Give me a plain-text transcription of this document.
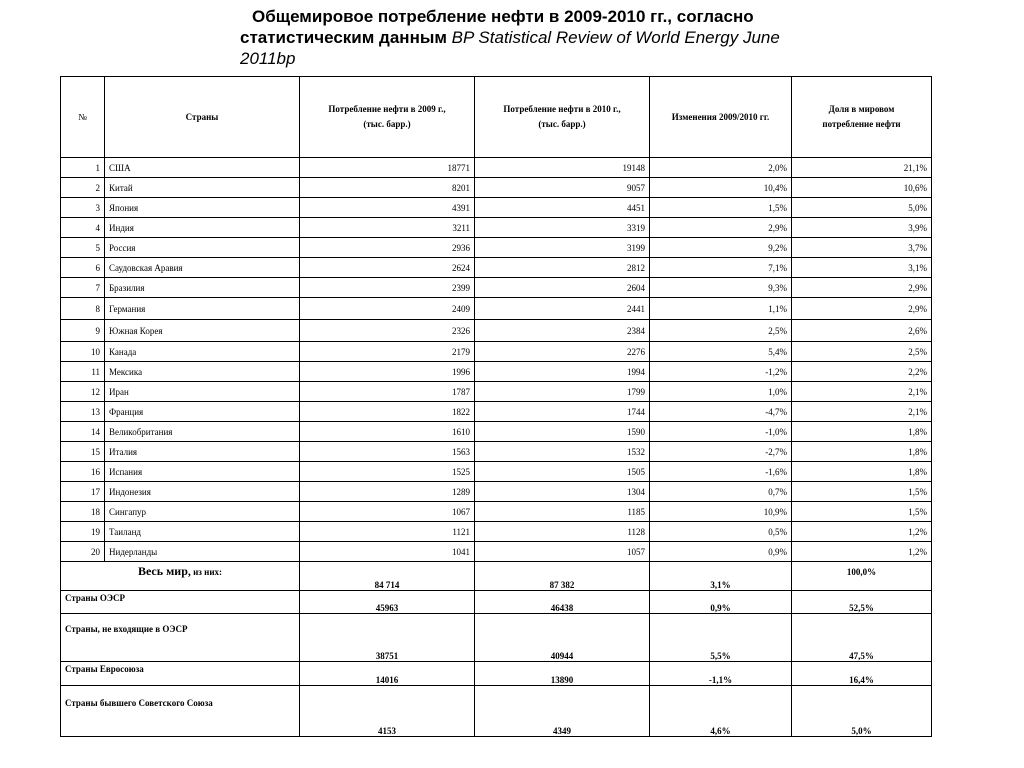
Общемировое потребление нефти в 2009-2010 гг., согласно
статистическим данным BP Statistical Review of World Energy June
2011bp
№	Страны	Потребление нефти в 2009 г.,
(тыс. барр.)	Потребление нефти в 2010 г.,
(тыс. барр.)	Изменения 2009/2010 гг.	Доля в мировом
потребление нефти
1	США	18771	19148	2,0%	21,1%
2	Китай	8201	9057	10,4%	10,6%
3	Япония	4391	4451	1,5%	5,0%
4	Индия	3211	3319	2,9%	3,9%
5	Россия	2936	3199	9,2%	3,7%
6	Саудовская Аравия	2624	2812	7,1%	3,1%
7	Бразилия	2399	2604	9,3%	2,9%
8	Германия	2409	2441	1,1%	2,9%
9	Южная Корея	2326	2384	2,5%	2,6%
10	Канада	2179	2276	5,4%	2,5%
11	Мексика	1996	1994	-1,2%	2,2%
12	Иран	1787	1799	1,0%	2,1%
13	Франция	1822	1744	-4,7%	2,1%
14	Великобритания	1610	1590	-1,0%	1,8%
15	Италия	1563	1532	-2,7%	1,8%
16	Испания	1525	1505	-1,6%	1,8%
17	Индонезия	1289	1304	0,7%	1,5%
18	Сингапур	1067	1185	10,9%	1,5%
19	Таиланд	1121	1128	0,5%	1,2%
20	Нидерланды	1041	1057	0,9%	1,2%
Весь мир, из них:		84 714	87 382	3,1%	100,0%
Страны ОЭСР		45963	46438	0,9%	52,5%
Страны, не входящие в ОЭСР		38751	40944	5,5%	47,5%
Страны Евросоюза		14016	13890	-1,1%	16,4%
Страны бывшего Советского Союза		4153	4349	4,6%	5,0%
